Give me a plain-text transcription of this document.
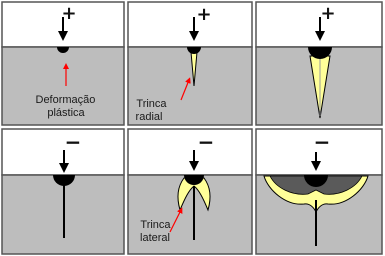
+
Deformação plástica
+
Trinca radial
+
−	−
Trinca lateral
−
